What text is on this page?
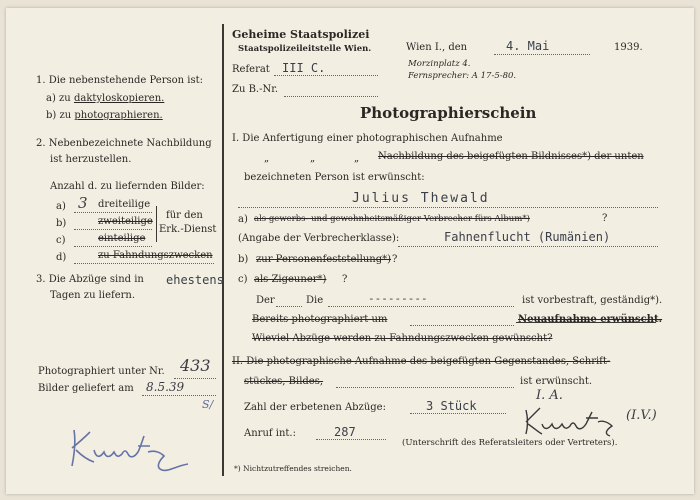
1. Die nebenstehende Person ist:
a) zu daktyloskopieren.
b) zu photographieren.
2. Nebenbezeichnete Nachbildung
ist herzustellen.
Anzahl d. zu liefernden Bilder:
a) 3 dreiteilige
b)	zweiteilige
c)	einteilige
d)	zu Fahndungszwecken
für den
Erk.-Dienst
3. Die Abzüge sind in ehestens
Tagen zu liefern.
Photographiert unter Nr. 433
Bilder geliefert am 8.5.39
S/
Geheime Staatspolizei
Staatspolizeileitstelle Wien.	Wien I., den	4. Mai	1939.
Referat III C.	Morzinplatz 4.
Fernsprecher: A 17-5-80.
Zu B.-Nr.
Photographierschein
I. Die Anfertigung einer photographischen Aufnahme
„	„	„ Nachbildung des beigefügten Bildnisses*) der unten
bezeichneten Person ist erwünscht:
Julius Thewald
a) als gewerbs- und gewohnheitsmäßiger Verbrecher fürs Album*)	?
(Angabe der Verbrecherklasse):	Fahnenflucht (Rumänien)
b) zur Personenfeststellung*) ?
c) als Zigeuner*) ?
Der	Die	---------	ist vorbestraft, geständig*).
Bereits photographiert um	Neuaufnahme erwünscht.
Wieviel Abzüge werden zu Fahndungszwecken gewünscht?
II. Die photographische Aufnahme des beigefügten Gegenstandes, Schrift-
stückes, Bildes,	ist erwünscht.
Zahl der erbetenen Abzüge:	3 Stück
Anruf int.:	287
I. A.
(I.V.)
(Unterschrift des Referatsleiters oder Vertreters).
*) Nichtzutreffendes streichen.
